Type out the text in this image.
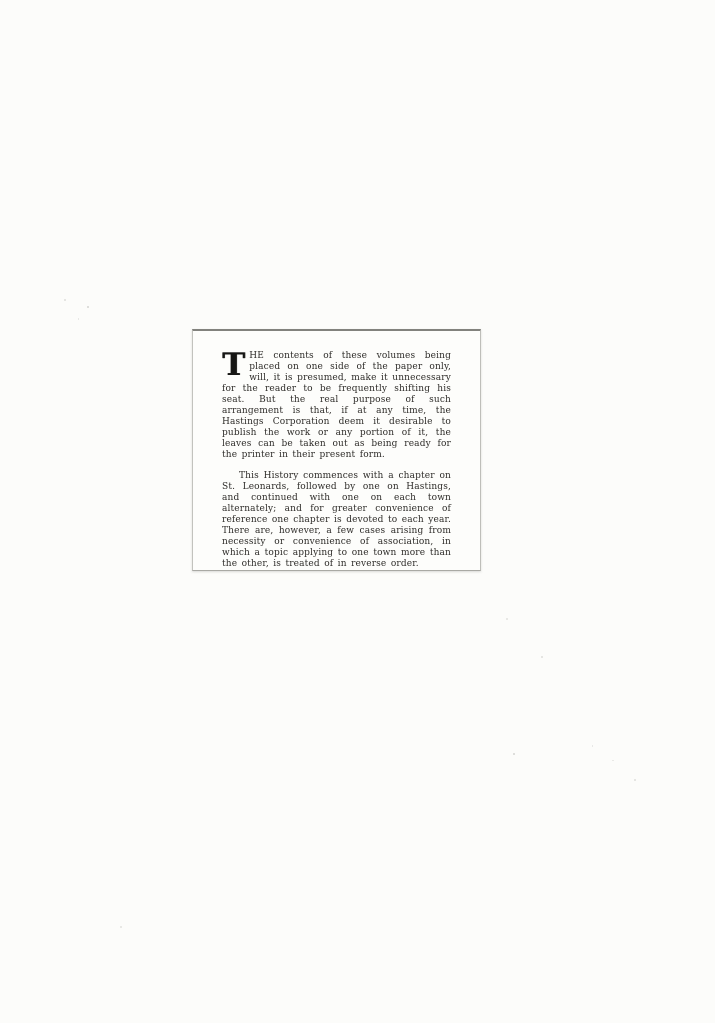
THE contents of these volumes being placed on one side of the paper only, will, it is presumed, make it unnecessary for the reader to be frequently shifting his seat. But the real purpose of such arrangement is that, if at any time, the Hastings Corporation deem it desirable to publish the work or any portion of it, the leaves can be taken out as being ready for the printer in their present form.

This History commences with a chapter on St. Leonards, followed by one on Hastings, and continued with one on each town alternately; and for greater convenience of reference one chapter is devoted to each year. There are, however, a few cases arising from necessity or convenience of association, in which a topic applying to one town more than the other, is treated of in reverse order.
